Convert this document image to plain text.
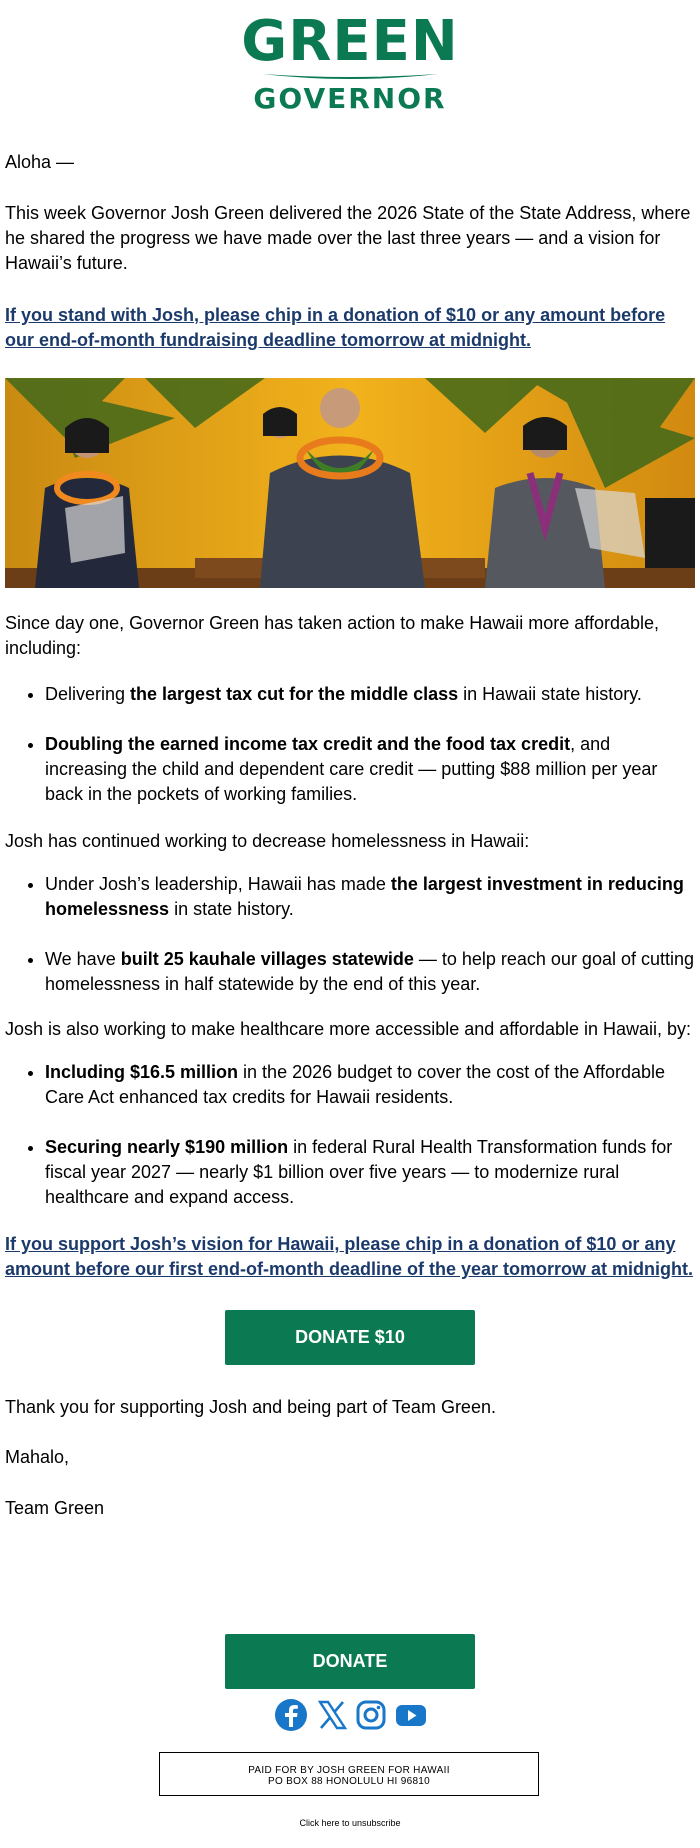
GREEN
GOVERNOR

Aloha —

This week Governor Josh Green delivered the 2026 State of the State Address, where he shared the progress we have made over the last three years — and a vision for Hawaii’s future.

If you stand with Josh, please chip in a donation of $10 or any amount before our end-of-month fundraising deadline tomorrow at midnight.

Since day one, Governor Green has taken action to make Hawaii more affordable, including:

• Delivering the largest tax cut for the middle class in Hawaii state history.
• Doubling the earned income tax credit and the food tax credit, and increasing the child and dependent care credit — putting $88 million per year back in the pockets of working families.

Josh has continued working to decrease homelessness in Hawaii:

• Under Josh’s leadership, Hawaii has made the largest investment in reducing homelessness in state history.
• We have built 25 kauhale villages statewide — to help reach our goal of cutting homelessness in half statewide by the end of this year.

Josh is also working to make healthcare more accessible and affordable in Hawaii, by:

• Including $16.5 million in the 2026 budget to cover the cost of the Affordable Care Act enhanced tax credits for Hawaii residents.
• Securing nearly $190 million in federal Rural Health Transformation funds for fiscal year 2027 — nearly $1 billion over five years — to modernize rural healthcare and expand access.

If you support Josh’s vision for Hawaii, please chip in a donation of $10 or any amount before our first end-of-month deadline of the year tomorrow at midnight.

DONATE $10

Thank you for supporting Josh and being part of Team Green.

Mahalo,

Team Green

DONATE
PAID FOR BY JOSH GREEN FOR HAWAII
PO BOX 88 HONOLULU HI 96810
Click here to unsubscribe
